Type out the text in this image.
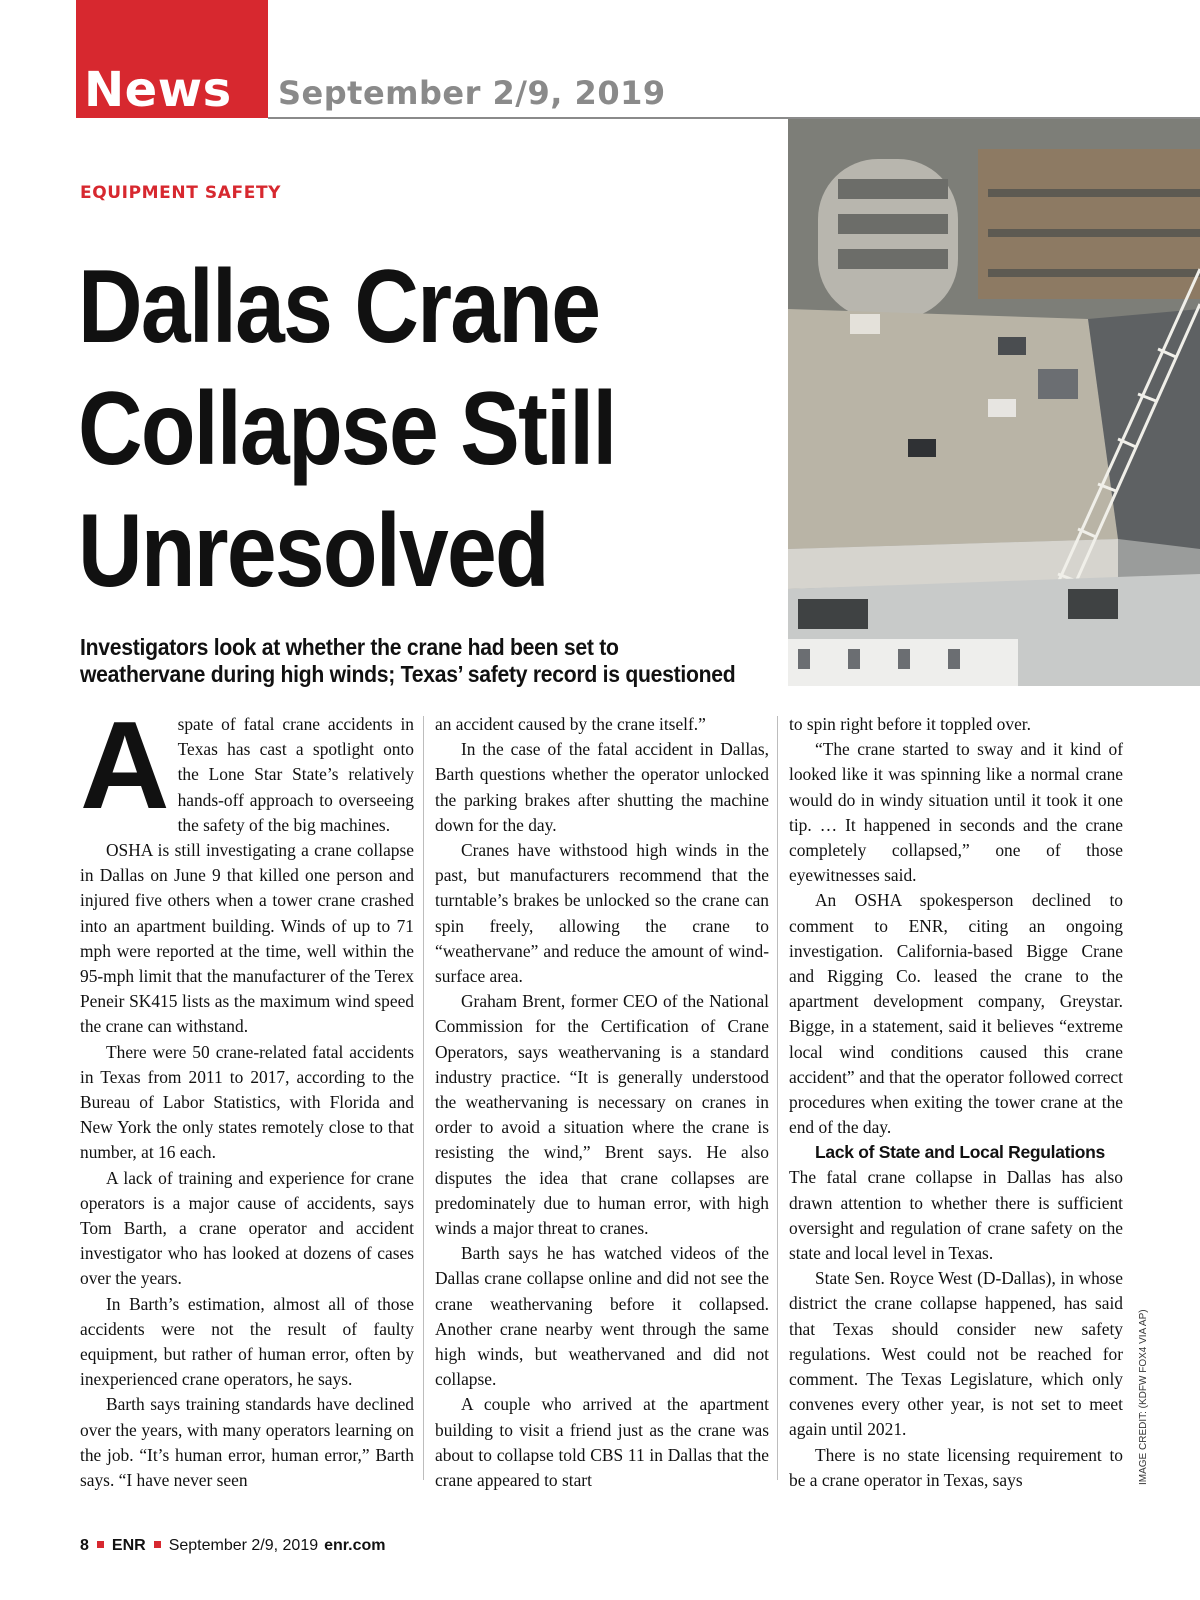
News September 2/9, 2019
EQUIPMENT SAFETY
Dallas Crane
Collapse Still
Unresolved
Investigators look at whether the crane had been set to
weathervane during high winds; Texas’ safety record is questioned

Aspate of fatal crane accidents in Texas has cast a spotlight onto the Lone Star State’s relatively hands-off approach to overseeing the safety of the big machines.

OSHA is still investigating a crane collapse in Dallas on June 9 that killed one person and injured five others when a tower crane crashed into an apartment building. Winds of up to 71 mph were reported at the time, well within the 95-mph limit that the manufacturer of the Terex Peneir SK415 lists as the maximum wind speed the crane can withstand.

There were 50 crane-related fatal accidents in Texas from 2011 to 2017, according to the Bureau of Labor Statistics, with Florida and New York the only states remotely close to that number, at 16 each.

A lack of training and experience for crane operators is a major cause of accidents, says Tom Barth, a crane operator and accident investigator who has looked at dozens of cases over the years.

In Barth’s estimation, almost all of those accidents were not the result of faulty equipment, but rather of human error, often by inexperienced crane operators, he says.

Barth says training standards have declined over the years, with many operators learning on the job. “It’s human error, human error,” Barth says. “I have never seen

an accident caused by the crane itself.”

In the case of the fatal accident in Dallas, Barth questions whether the operator unlocked the parking brakes after shutting the machine down for the day.

Cranes have withstood high winds in the past, but manufacturers recommend that the turntable’s brakes be unlocked so the crane can spin freely, allowing the crane to “weathervane” and reduce the amount of wind-surface area.

Graham Brent, former CEO of the National Commission for the Certification of Crane Operators, says weathervaning is a standard industry practice. “It is generally understood the weathervaning is necessary on cranes in order to avoid a situation where the crane is resisting the wind,” Brent says. He also disputes the idea that crane collapses are predominately due to human error, with high winds a major threat to cranes.

Barth says he has watched videos of the Dallas crane collapse online and did not see the crane weathervaning before it collapsed. Another crane nearby went through the same high winds, but weathervaned and did not collapse.

A couple who arrived at the apartment building to visit a friend just as the crane was about to collapse told CBS 11 in Dallas that the crane appeared to start

to spin right before it toppled over.

“The crane started to sway and it kind of looked like it was spinning like a normal crane would do in windy situation until it took it one tip. … It happened in seconds and the crane completely collapsed,” one of those eyewitnesses said.

An OSHA spokesperson declined to comment to ENR, citing an ongoing investigation. California-based Bigge Crane and Rigging Co. leased the crane to the apartment development company, Greystar. Bigge, in a statement, said it believes “extreme local wind conditions caused this crane accident” and that the operator followed correct procedures when exiting the tower crane at the end of the day.

Lack of State and Local Regulations

The fatal crane collapse in Dallas has also drawn attention to whether there is sufficient oversight and regulation of crane safety on the state and local level in Texas.

State Sen. Royce West (D-Dallas), in whose district the crane collapse happened, has said that Texas should consider new safety regulations. West could not be reached for comment. The Texas Legislature, which only convenes every other year, is not set to meet again until 2021.

There is no state licensing requirement to be a crane operator in Texas, says	IMAGE CREDIT: (KDFW FOX4 VIA AP)
8 ENR September 2/9, 2019 enr.com
